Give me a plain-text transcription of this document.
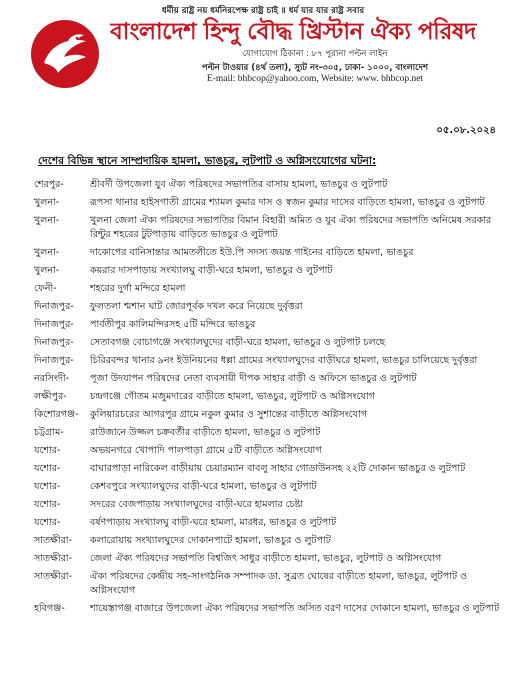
ধর্মীয় রাষ্ট্র নয় ধর্মনিরপেক্ষ রাষ্ট্র চাই ॥ ধর্ম যার যার রাষ্ট্র সবার
বাংলাদেশ হিন্দু বৌদ্ধ খ্রিস্টান ঐক্য পরিষদ
যোগাযোগ ঠিকানা : ৮৭ পুরানা পল্টন লাইন
পল্টন টাওয়ার (৪র্থ তলা), স্যুট নং-৩০৫, ঢাকা- ১০০০, বাংলাদেশ
E-mail: bhbcop@yahoo.com, Website: www. bhbcop.net
০৫.০৮.২০২৪
দেশের বিভিন্ন স্থানে সাম্প্রদায়িক হামলা, ভাঙচুর, লুটপাট ও অগ্নিসংযোগের ঘটনা:
শেরপুর-	শ্রীবর্দী উপজেলা যুব ঐক্য পরিষদের সভাপতির বাসায় হামলা, ভাঙচুর ও লুটপাট
খুলনা-	রূপসা থানার হাইসগাতী গ্রামের শ্যামল কুমার দাস ও স্বজন কুমার দাসের বাড়িতে হামলা, ভাঙচুর ও লুটপাট
খুলনা-	খুলনা জেলা ঐক্য পরিষদের সভাপতির বিমান বিহারী অমিত ও যুব ঐক্য পরিষদের সভাপতি অনিমেষ সরকার রিন্টুর শহরের টুটপাড়ায় বাড়িতে ভাঙচুর ও লুটপাট
খুলনা-	দাকোপের বানিসান্তার আমতলীতে ইউ.পি সদস্য জয়ন্ত গাইনের বাড়িতে হামলা, ভাঙচুর
খুলনা-	কয়রার দাসপাড়ায় সংখ্যালঘু বাড়ী-ঘরে হামলা, ভাঙচুর ও লুটপাট
ফেনী-	শহরের দুর্গা মন্দিরে হামলা
দিনাজপুর-	ফুলতলা শ্মশান ঘাট জোরপূর্বক দখল করে নিয়েছে দুর্বৃত্তরা
দিনাজপুর-	পার্বতীপুর কালিমন্দিরসহ ৫টি মন্দিরে ভাঙচুর
দিনাজপুর-	সেতাবগঞ্জ বোচাগঞ্জে সংখ্যালঘুদের বাড়ী-ঘরে হামলা, ভাঙচুর ও লুটপাট চলছে
দিনাজপুর-	চিরিরবন্দর থানার ৯নং ইউনিয়নের ধল্লা গ্রামের সংখ্যালঘুদের বাড়ীঘরে হামলা, ভাঙচুর চালিয়েছে দুর্বৃত্তরা
নরসিংদী-	পূজা উদযাপন পরিষদের নেতা ব্যবসায়ী দীপক সাহার বাড়ী ও অফিসে ভাঙচুর ও লুটপাট
লক্ষীপুর-	চন্দ্রগঞ্জে গৌতম মজুমদারের বাড়ীতে হামলা, ভাঙচুর, লুটপাট ও অগ্নিসংযোগ
কিশোরগঞ্জ-	কুলিয়ারচরের আগরপুর গ্রামে নকুল কুমার ও সুশান্তের বাড়ীতে অগ্নিসংযোগ
চট্টগ্রাম-	রাউজানে উজ্জল চক্রবর্তীর বাড়ীতে হামলা, ভাঙচুর ও লুটপাট
যশোর-	অভয়নগরে খোপাদি পালপাড়া গ্রামে ৫টি বাড়ীতে অগ্নিসংযোগ
যশোর-	বাঘারপাড়া নারিকেল বাড়ীয়ায় চেয়ারম্যান বাবলু সাহার গোডাউনসহ ২২টি দোকান ভাঙচুর ও লুটপাট
যশোর-	কেশবপুরে সংখ্যালঘুদের বাড়ী-ঘরে হামলা, ভাঙচুর ও লুটপাট
যশোর-	সদরের বেজপাড়ায় সংখ্যালঘুদের বাড়ী-ঘরে হামলার চেষ্টা
যশোর-	বর্ষণপাড়ায় সংখ্যালঘু বাড়ী-ঘরে হামলা, মারধর, ভাঙচুর ও লুটপাট
সাতক্ষীরা-	কলারোয়ায় সংখ্যালঘুদের দোকানপাটে হামলা, ভাঙচুর ও লুটপাট
সাতক্ষীরা-	জেলা ঐক্য পরিষদের সভাপতি বিশ্বজিৎ সাধুর বাড়ীতে হামলা, ভাঙচুর, লুটপাট ও অগ্নিসংযোগ
সাতক্ষীরা-	ঐক্য পরিষদের কেন্দ্রীয় সহ-সাংগঠনিক সম্পাদক ডা. সুব্রত ঘোষের বাড়ীতে হামলা, ভাঙচুর, লুটপাট ও অগ্নিসংযোগ
হবিগঞ্জ-	শায়েস্তাগঞ্জ বাজারে উপজেলা ঐক্য পরিষদের সভাপতি অসিত বরণ দাসের দোকানে হামলা, ভাঙচুর ও লুটপাট
